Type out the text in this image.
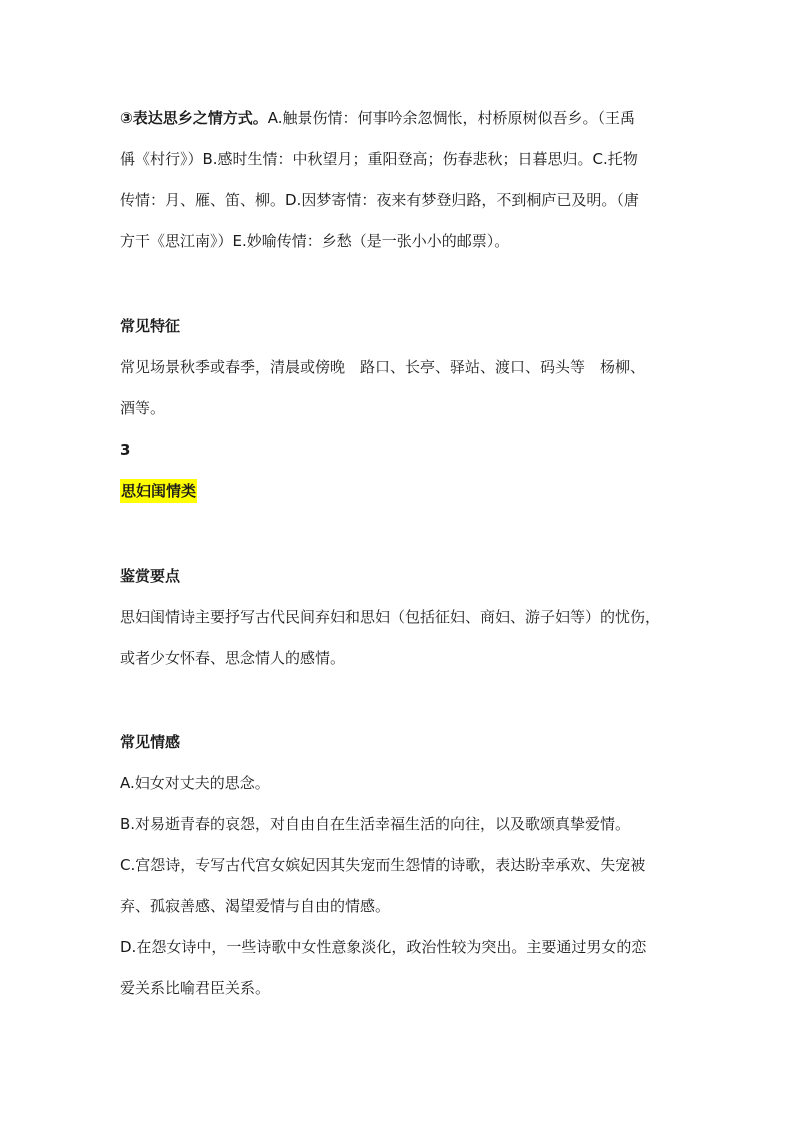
③表达思乡之情方式。A.触景伤情：何事吟余忽惆怅，村桥原树似吾乡。（王禹
偁《村行》）B.感时生情：中秋望月；重阳登高；伤春悲秋；日暮思归。C.托物
传情：月、雁、笛、柳。D.因梦寄情：夜来有梦登归路，不到桐庐已及明。（唐
方干《思江南》）E.妙喻传情：乡愁（是一张小小的邮票）。
常见特征
常见场景秋季或春季，清晨或傍晚　路口、长亭、驿站、渡口、码头等　杨柳、
酒等。
3
思妇闺情类
鉴赏要点
思妇闺情诗主要抒写古代民间弃妇和思妇（包括征妇、商妇、游子妇等）的忧伤，
或者少女怀春、思念情人的感情。
常见情感
A.妇女对丈夫的思念。
B.对易逝青春的哀怨，对自由自在生活幸福生活的向往，以及歌颂真挚爱情。
C.宫怨诗，专写古代宫女嫔妃因其失宠而生怨情的诗歌，表达盼幸承欢、失宠被
弃、孤寂善感、渴望爱情与自由的情感。
D.在怨女诗中，一些诗歌中女性意象淡化，政治性较为突出。主要通过男女的恋
爱关系比喻君臣关系。
